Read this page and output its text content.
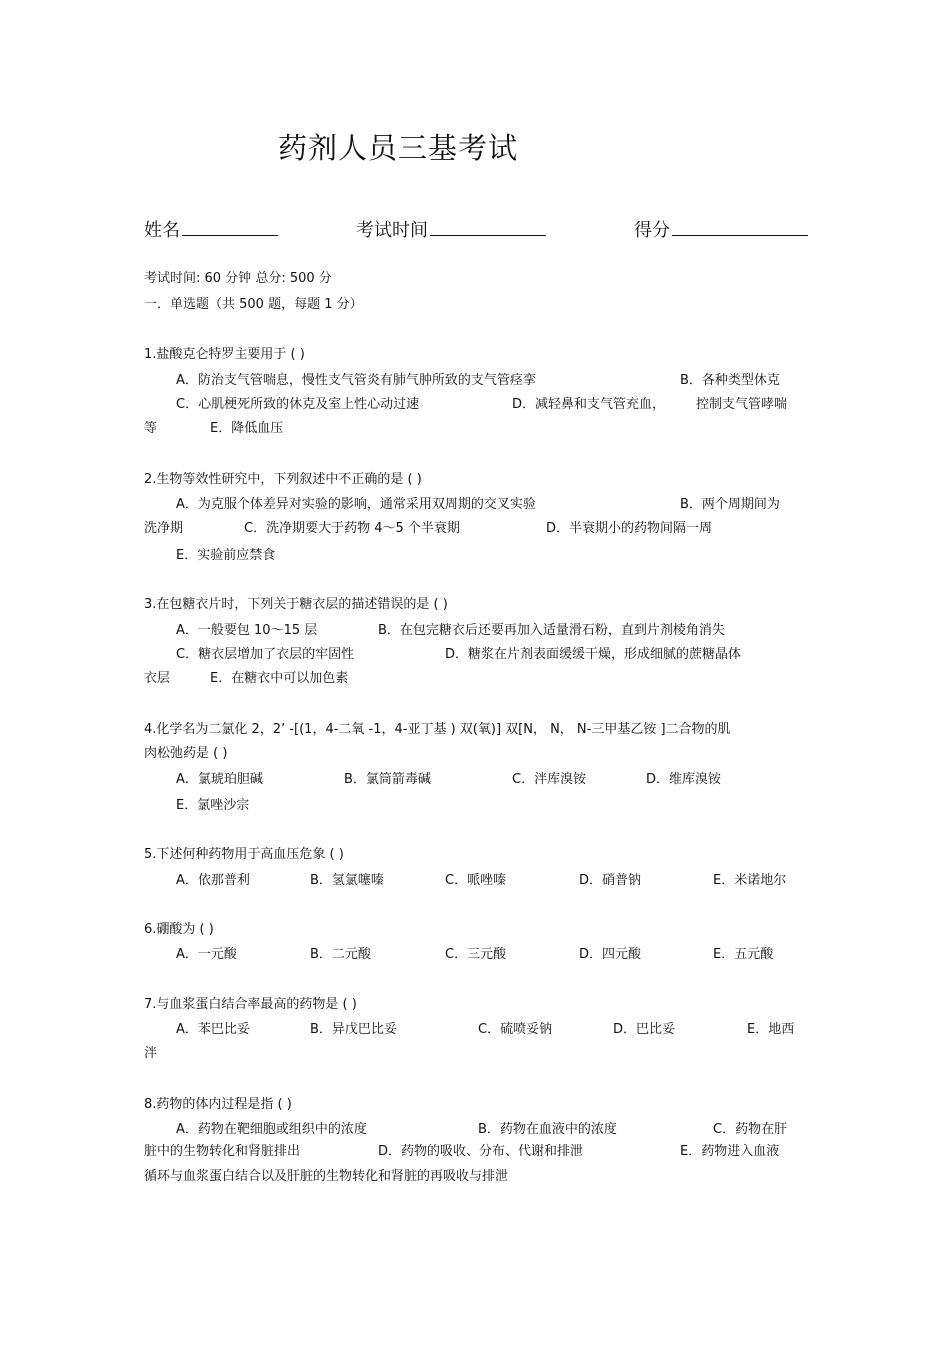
药剂人员三基考试
姓名	考试时间	得分
考试时间: 60 分钟 总分: 500 分
一．单选题（共 500 题，每题 1 分）
1.盐酸克仑特罗主要用于 ( )
A．防治支气管喘息，慢性支气管炎有肺气肿所致的支气管痉挛	B．各种类型休克
C．心肌梗死所致的休克及室上性心动过速	D．减轻鼻和支气管充血， 控制支气管哮喘
等	E．降低血压
2.生物等效性研究中，下列叙述中不正确的是 ( )
A．为克服个体差异对实验的影响，通常采用双周期的交叉实验	B．两个周期间为
洗净期	C．洗净期要大于药物 4～5 个半衰期	D．半衰期小的药物间隔一周
E．实验前应禁食
3.在包糖衣片时，下列关于糖衣层的描述错误的是 ( )
A．一般要包 10～15 层	B．在包完糖衣后还要再加入适量滑石粉，直到片剂棱角消失
C．糖衣层增加了衣层的牢固性	D．糖浆在片剂表面缓缓干燥，形成细腻的蔗糖晶体
衣层	E．在糖衣中可以加色素
4.化学名为二氯化 2，2’ -[(1，4-二氧 -1，4-亚丁基 ) 双(氧)] 双[N， N， N-三甲基乙铵 ]二合物的肌
肉松弛药是 ( )
A．氯琥珀胆碱	B．氯筒箭毒碱	C．泮库溴铵	D．维库溴铵
E．氯唑沙宗
5.下述何种药物用于高血压危象 ( )
A．依那普利	B．氢氯噻嗪	C．哌唑嗪	D．硝普钠	E．米诺地尔
6.硼酸为 ( )
A．一元酸	B．二元酸	C．三元酸	D．四元酸	E．五元酸
7.与血浆蛋白结合率最高的药物是 ( )
A．苯巴比妥	B．异戊巴比妥	C．硫喷妥钠	D．巴比妥	E．地西
泮
8.药物的体内过程是指 ( )
A．药物在靶细胞或组织中的浓度	B．药物在血液中的浓度	C．药物在肝
脏中的生物转化和肾脏排出	D．药物的吸收、分布、代谢和排泄	E．药物进入血液
循环与血浆蛋白结合以及肝脏的生物转化和肾脏的再吸收与排泄
